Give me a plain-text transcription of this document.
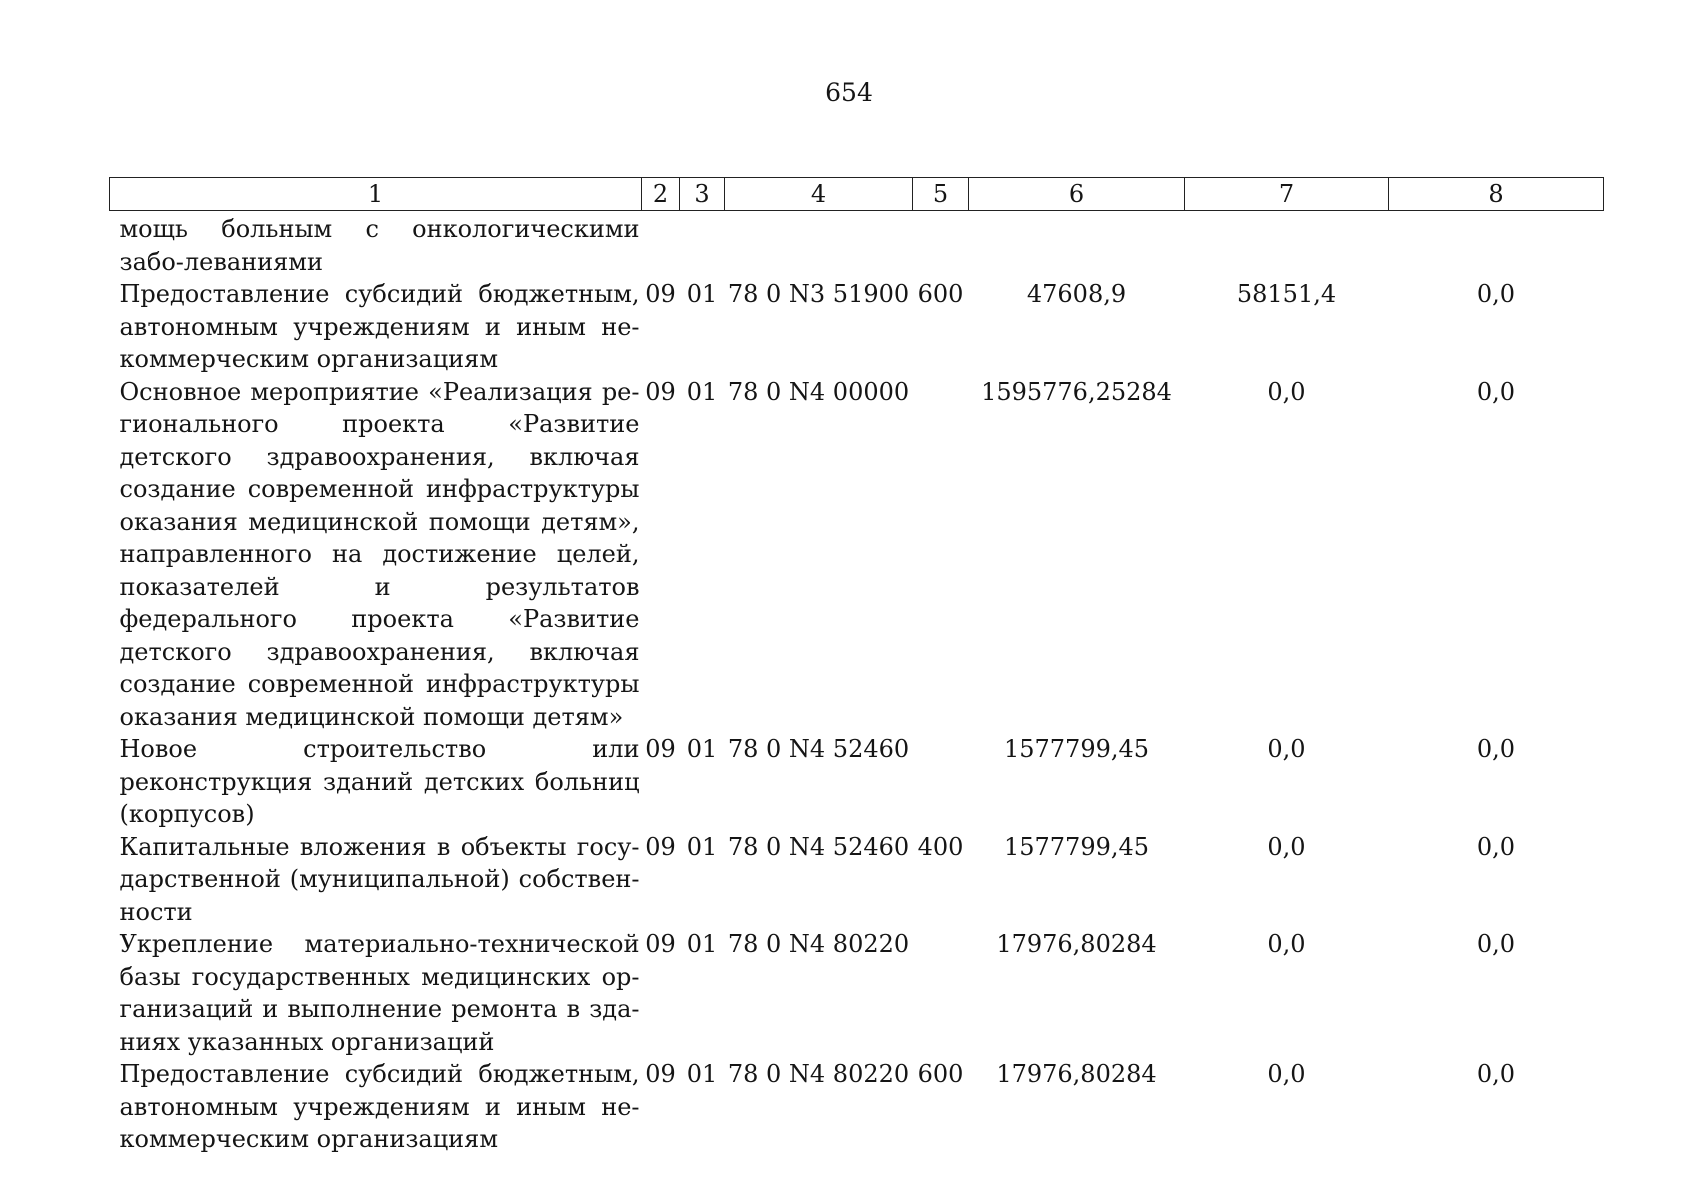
654
1	2	3	4	5	6	7	8
мощь больным с онкологическими забо-леваниями							
Предоставление субсидий бюджетным, автономным учреждениям и иным некоммерческим организациям	09	01	78 0 N3 51900	600	47608,9	58151,4	0,0
Основное мероприятие «Реализация регионального проекта «Развитие детского здравоохранения, включая создание современной инфраструктуры оказания медицинской помощи детям», направленного на достижение целей, показателей и результатов федерального проекта «Развитие детского здравоохранения, включая создание современной инфраструктуры оказания медицинской помощи детям»	09	01	78 0 N4 00000		1595776,25284	0,0	0,0
Новое строительство или реконструкция зданий детских больниц (корпусов)	09	01	78 0 N4 52460		1577799,45	0,0	0,0
Капитальные вложения в объекты государственной (муниципальной) собственности	09	01	78 0 N4 52460	400	1577799,45	0,0	0,0
Укрепление материально-технической базы государственных медицинских организаций и выполнение ремонта в зданиях указанных организаций	09	01	78 0 N4 80220		17976,80284	0,0	0,0
Предоставление субсидий бюджетным, автономным учреждениям и иным некоммерческим организациям	09	01	78 0 N4 80220	600	17976,80284	0,0	0,0
